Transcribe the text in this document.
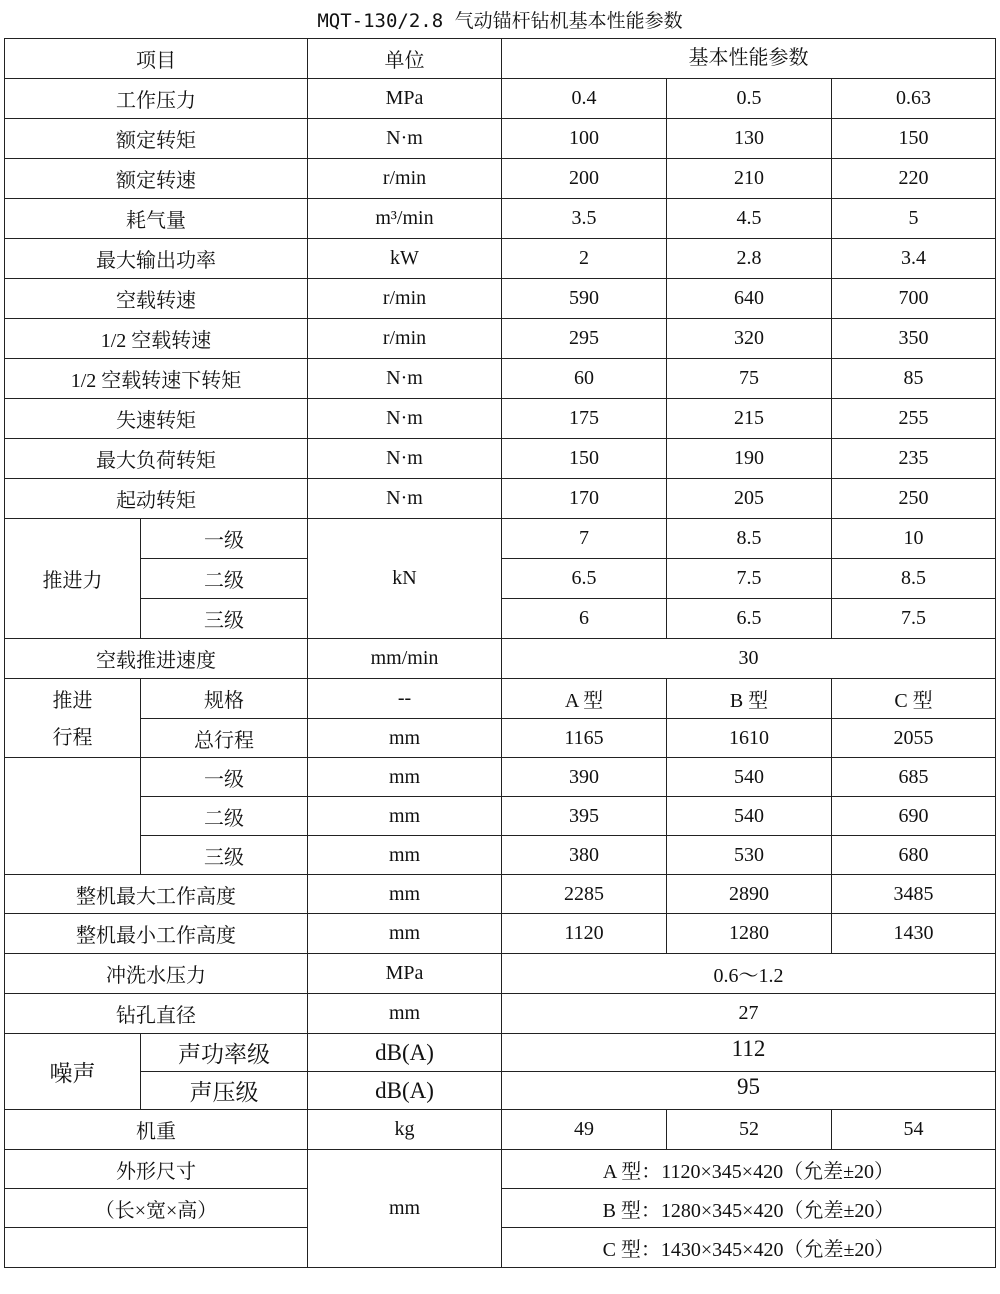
MQT-130/2.8 气动锚杆钻机基本性能参数
项目		单位	基本性能参数		
工作压力		MPa	0.4	0.5	0.63
额定转矩		N·m	100	130	150
额定转速		r/min	200	210	220
耗气量		m³/min	3.5	4.5	5
最大输出功率		kW	2	2.8	3.4
空载转速		r/min	590	640	700
1/2 空载转速		r/min	295	320	350
1/2 空载转速下转矩		N·m	60	75	85
失速转矩		N·m	175	215	255
最大负荷转矩		N·m	150	190	235
起动转矩		N·m	170	205	250
推进力	一级	kN	7	8.5	10
	二级		6.5	7.5	8.5
	三级		6	6.5	7.5
空载推进速度		mm/min	30		
推进	规格	--	A 型	B 型	C 型
行程	总行程	mm	1165	1610	2055
	一级	mm	390	540	685
	二级	mm	395	540	690
	三级	mm	380	530	680
整机最大工作高度		mm	2285	2890	3485
整机最小工作高度		mm	1120	1280	1430
冲洗水压力		MPa	0.6～1.2		
钻孔直径		mm	27		
噪声	声功率级	dB(A)	112		
	声压级	dB(A)	95		
机重		kg	49	52	54
外形尺寸		mm	A 型：1120×345×420（允差±20）		
（长×宽×高）			B 型：1280×345×420（允差±20）		
			C 型：1430×345×420（允差±20）		
